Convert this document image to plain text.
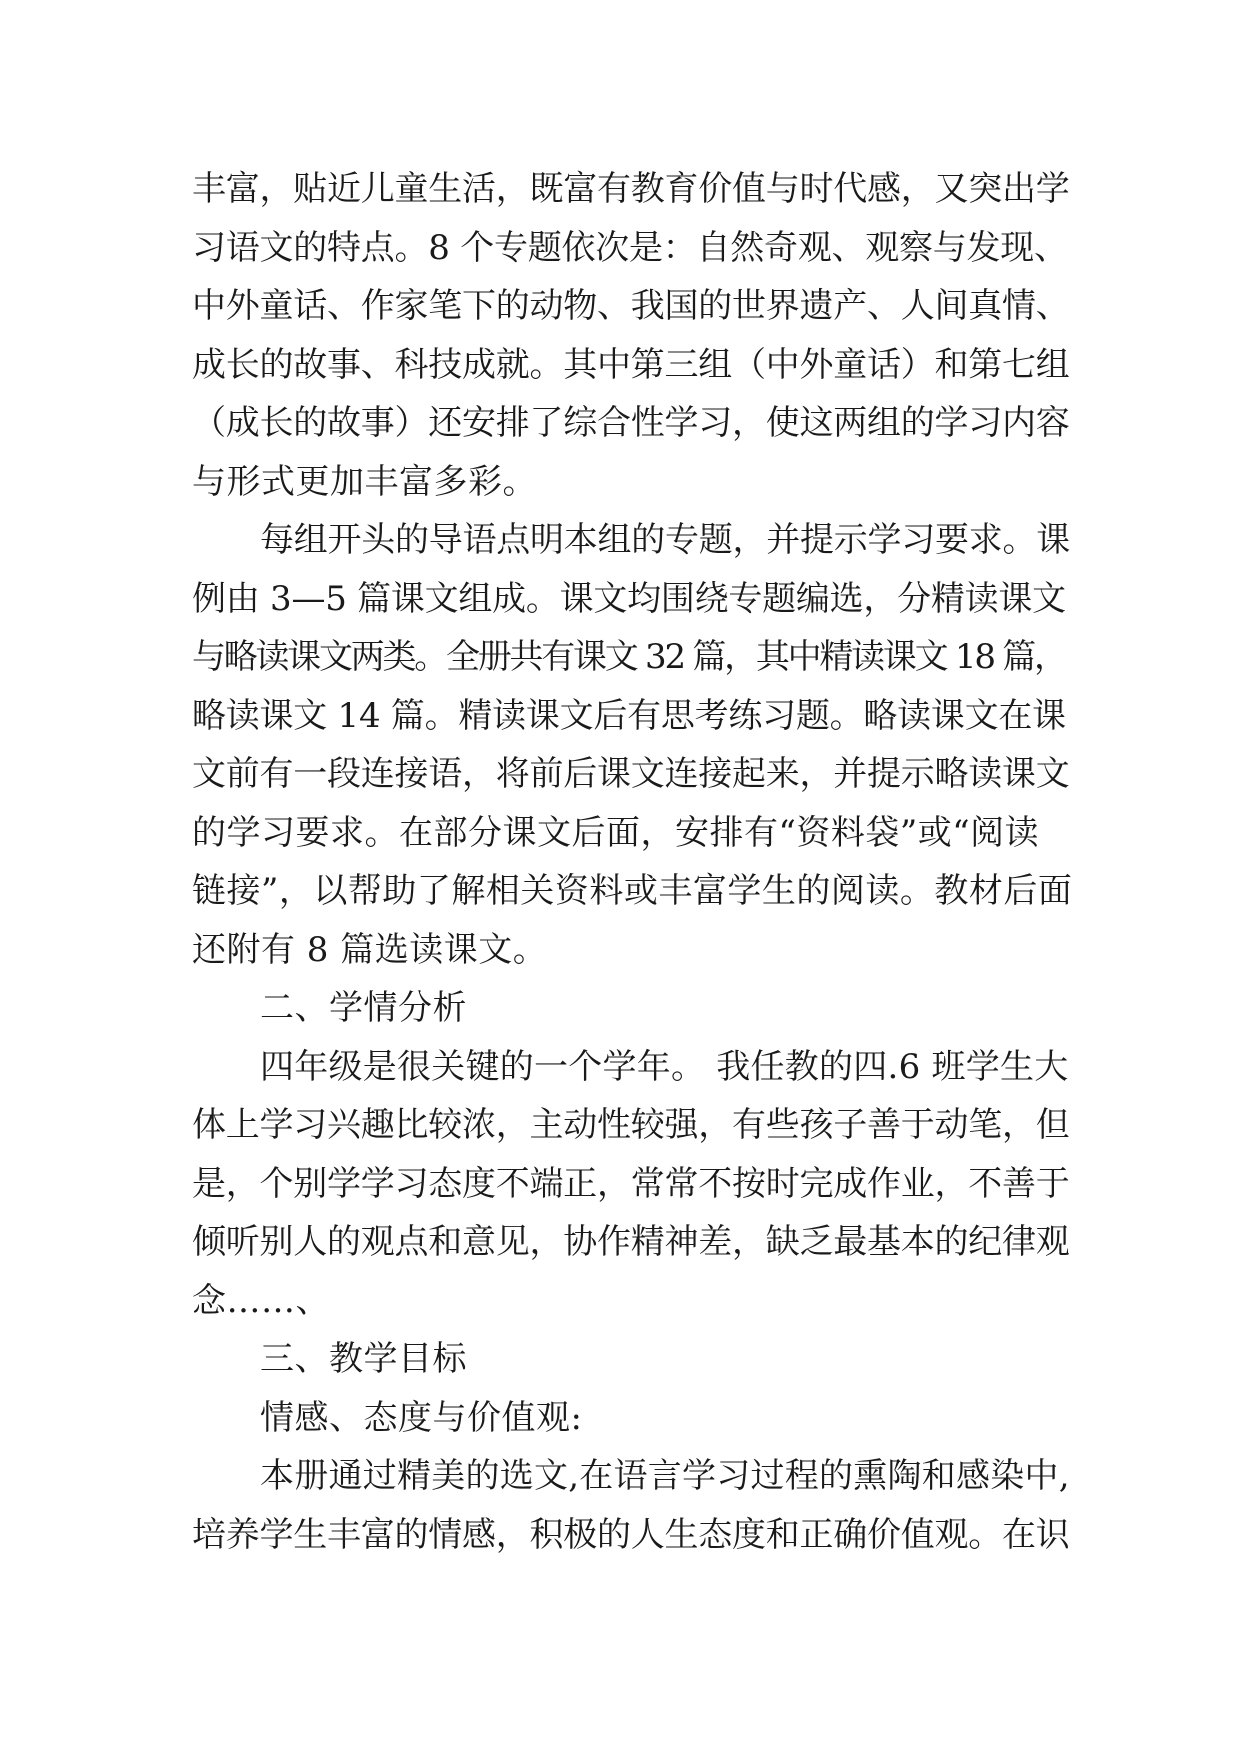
丰富，贴近儿童生活，既富有教育价值与时代感，又突出学
习语文的特点。8 个专题依次是：自然奇观、观察与发现、
中外童话、作家笔下的动物、我国的世界遗产、人间真情、
成长的故事、科技成就。其中第三组（中外童话）和第七组
（成长的故事）还安排了综合性学习，使这两组的学习内容
与形式更加丰富多彩。
每组开头的导语点明本组的专题，并提示学习要求。课
例由 3—5 篇课文组成。课文均围绕专题编选，分精读课文
与略读课文两类。全册共有课文 32 篇，其中精读课文 18 篇，
略读课文 14 篇。精读课文后有思考练习题。略读课文在课
文前有一段连接语，将前后课文连接起来，并提示略读课文
的学习要求。在部分课文后面，安排有“资料袋”或“阅读
链接”，以帮助了解相关资料或丰富学生的阅读。教材后面
还附有 8 篇选读课文。
二、学情分析
四年级是很关键的一个学年。 我任教的四.6 班学生大
体上学习兴趣比较浓，主动性较强，有些孩子善于动笔，但
是，个别学学习态度不端正，常常不按时完成作业，不善于
倾听别人的观点和意见，协作精神差，缺乏最基本的纪律观
念……、
三、教学目标
情感、态度与价值观:
本册通过精美的选文,在语言学习过程的熏陶和感染中,
培养学生丰富的情感，积极的人生态度和正确价值观。在识
